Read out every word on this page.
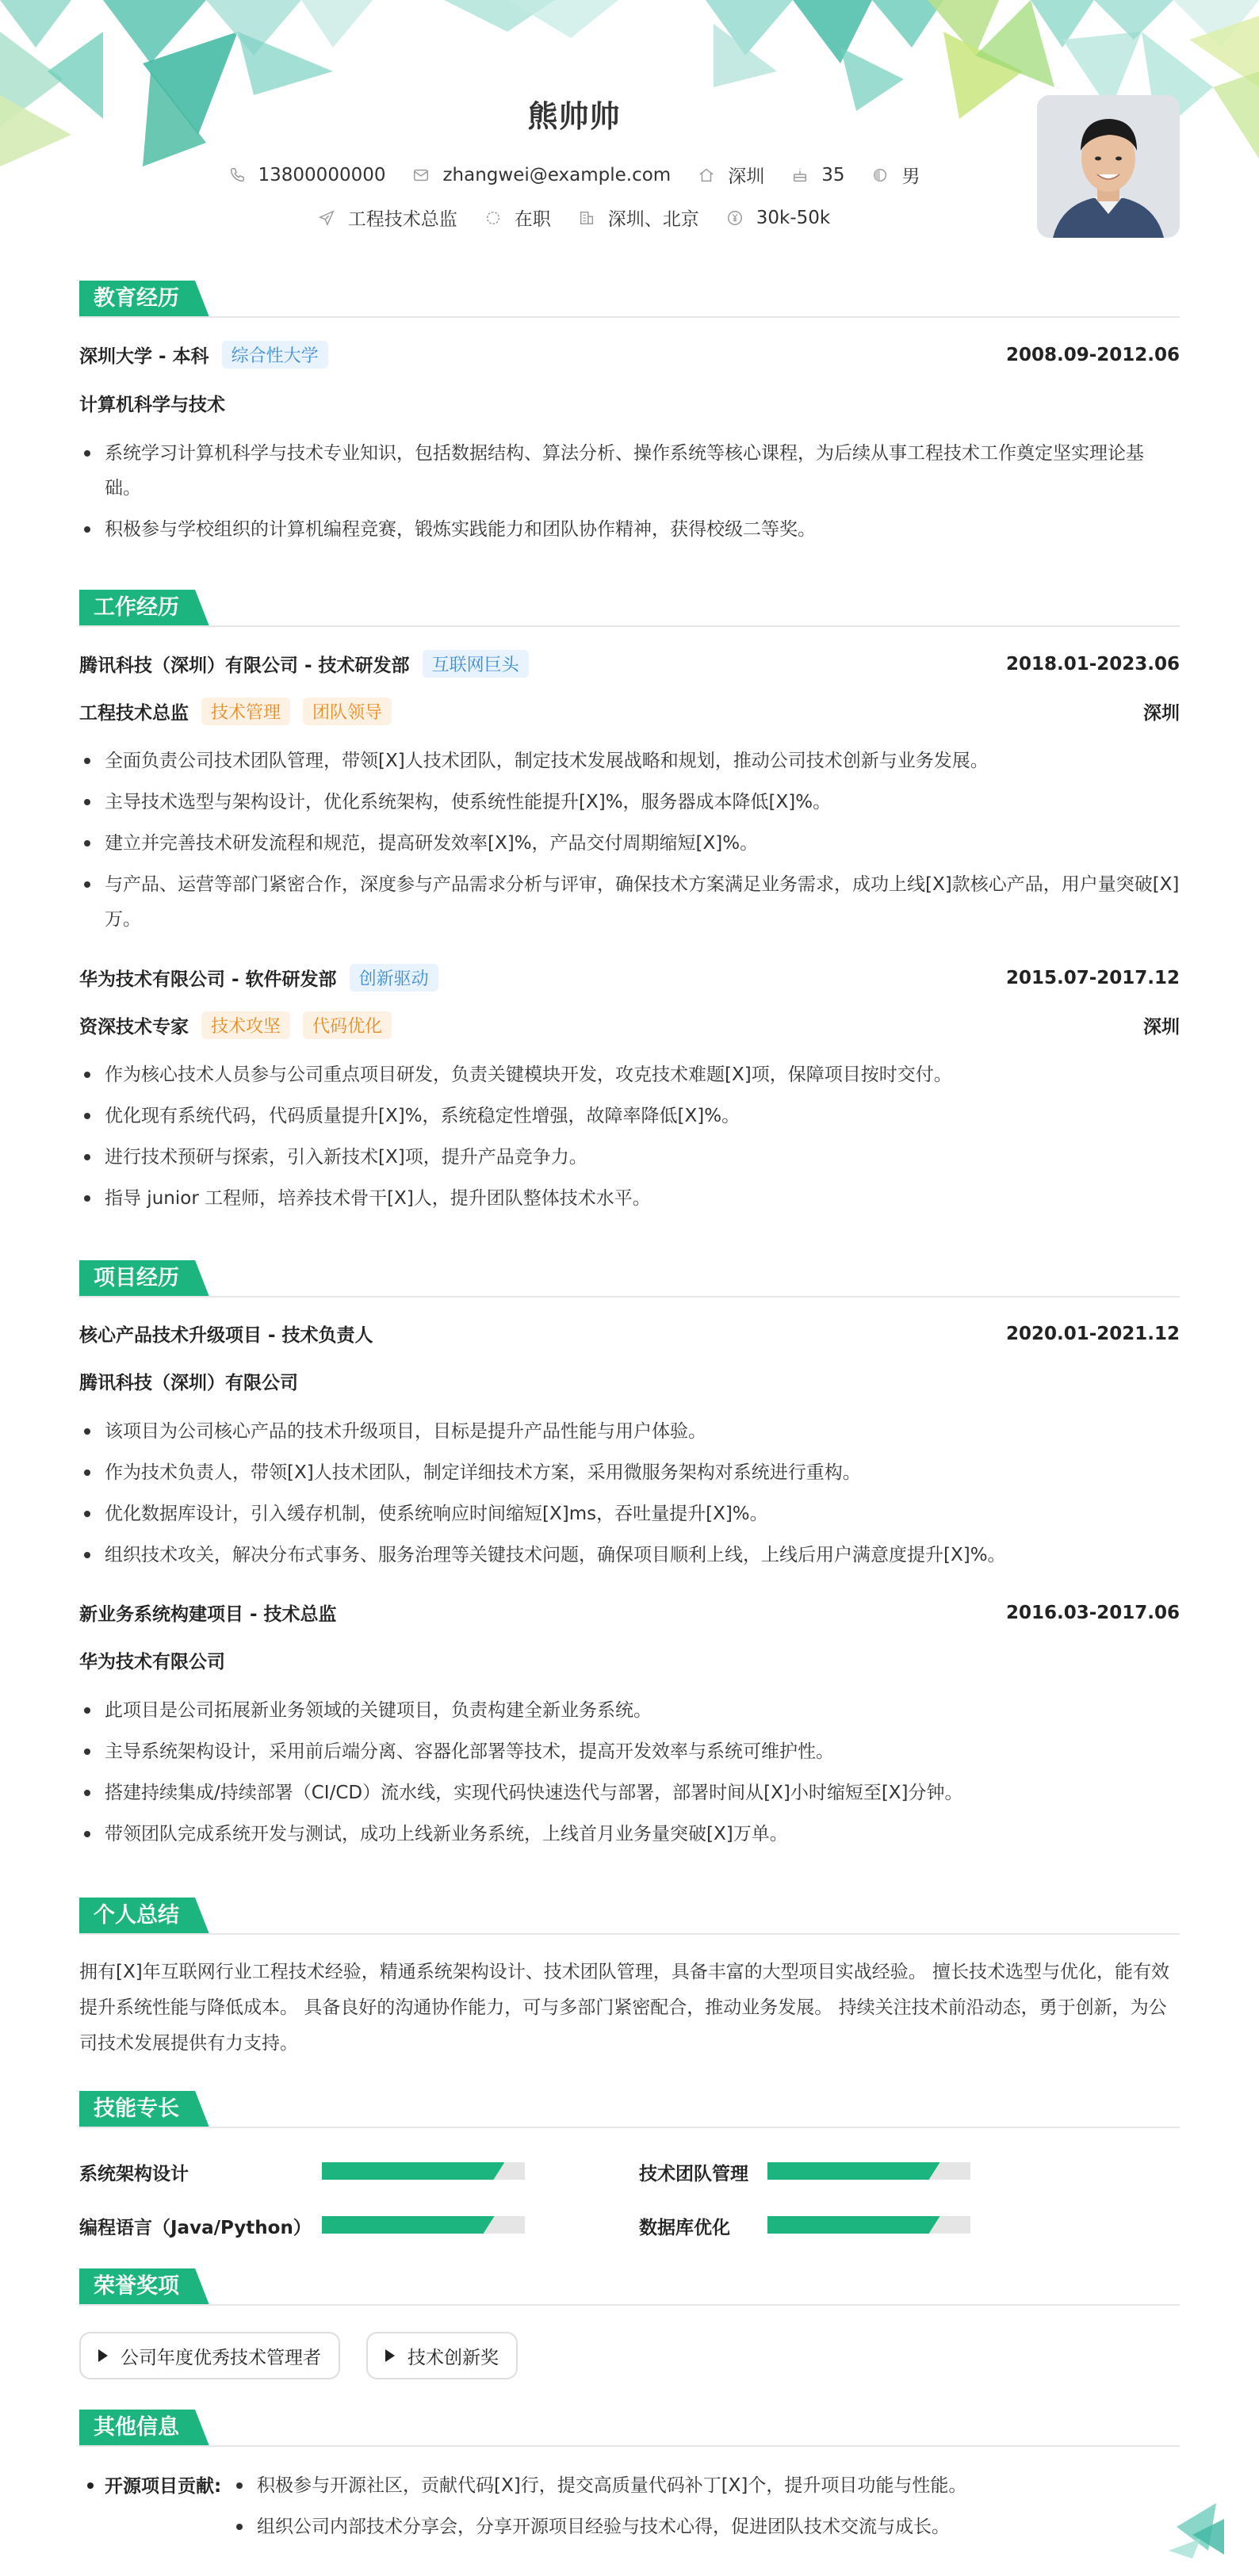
熊帅帅
13800000000	zhangwei@example.com	深圳	35	男
工程技术总监	在职	深圳、北京	30k-50k
教育经历
深圳大学 - 本科	综合性大学	2008.09-2012.06
计算机科学与技术
系统学习计算机科学与技术专业知识，包括数据结构、算法分析、操作系统等核心课程，为后续从事工程技术工作奠定坚实理论基础。
积极参与学校组织的计算机编程竞赛，锻炼实践能力和团队协作精神，获得校级二等奖。
工作经历
腾讯科技（深圳）有限公司 - 技术研发部	互联网巨头	2018.01-2023.06
工程技术总监	技术管理	团队领导	深圳
全面负责公司技术团队管理，带领[X]人技术团队，制定技术发展战略和规划，推动公司技术创新与业务发展。
主导技术选型与架构设计，优化系统架构，使系统性能提升[X]%，服务器成本降低[X]%。
建立并完善技术研发流程和规范，提高研发效率[X]%，产品交付周期缩短[X]%。
与产品、运营等部门紧密合作，深度参与产品需求分析与评审，确保技术方案满足业务需求，成功上线[X]款核心产品，用户量突破[X]万。
华为技术有限公司 - 软件研发部	创新驱动	2015.07-2017.12
资深技术专家	技术攻坚	代码优化	深圳
作为核心技术人员参与公司重点项目研发，负责关键模块开发，攻克技术难题[X]项，保障项目按时交付。
优化现有系统代码，代码质量提升[X]%，系统稳定性增强，故障率降低[X]%。
进行技术预研与探索，引入新技术[X]项，提升产品竞争力。
指导 junior 工程师，培养技术骨干[X]人，提升团队整体技术水平。
项目经历
核心产品技术升级项目 - 技术负责人	2020.01-2021.12
腾讯科技（深圳）有限公司
该项目为公司核心产品的技术升级项目，目标是提升产品性能与用户体验。
作为技术负责人，带领[X]人技术团队，制定详细技术方案，采用微服务架构对系统进行重构。
优化数据库设计，引入缓存机制，使系统响应时间缩短[X]ms，吞吐量提升[X]%。
组织技术攻关，解决分布式事务、服务治理等关键技术问题，确保项目顺利上线，上线后用户满意度提升[X]%。
新业务系统构建项目 - 技术总监	2016.03-2017.06
华为技术有限公司
此项目是公司拓展新业务领域的关键项目，负责构建全新业务系统。
主导系统架构设计，采用前后端分离、容器化部署等技术，提高开发效率与系统可维护性。
搭建持续集成/持续部署（CI/CD）流水线，实现代码快速迭代与部署，部署时间从[X]小时缩短至[X]分钟。
带领团队完成系统开发与测试，成功上线新业务系统，上线首月业务量突破[X]万单。
个人总结
拥有[X]年互联网行业工程技术经验，精通系统架构设计、技术团队管理，具备丰富的大型项目实战经验。 擅长技术选型与优化，能有效提升系统性能与降低成本。 具备良好的沟通协作能力，可与多部门紧密配合，推动业务发展。 持续关注技术前沿动态，勇于创新，为公司技术发展提供有力支持。
技能专长
系统架构设计	技术团队管理
编程语言（Java/Python）	数据库优化
荣誉奖项
公司年度优秀技术管理者	技术创新奖
其他信息
开源项目贡献:	积极参与开源社区，贡献代码[X]行，提交高质量代码补丁[X]个，提升项目功能与性能。
组织公司内部技术分享会，分享开源项目经验与技术心得，促进团队技术交流与成长。
